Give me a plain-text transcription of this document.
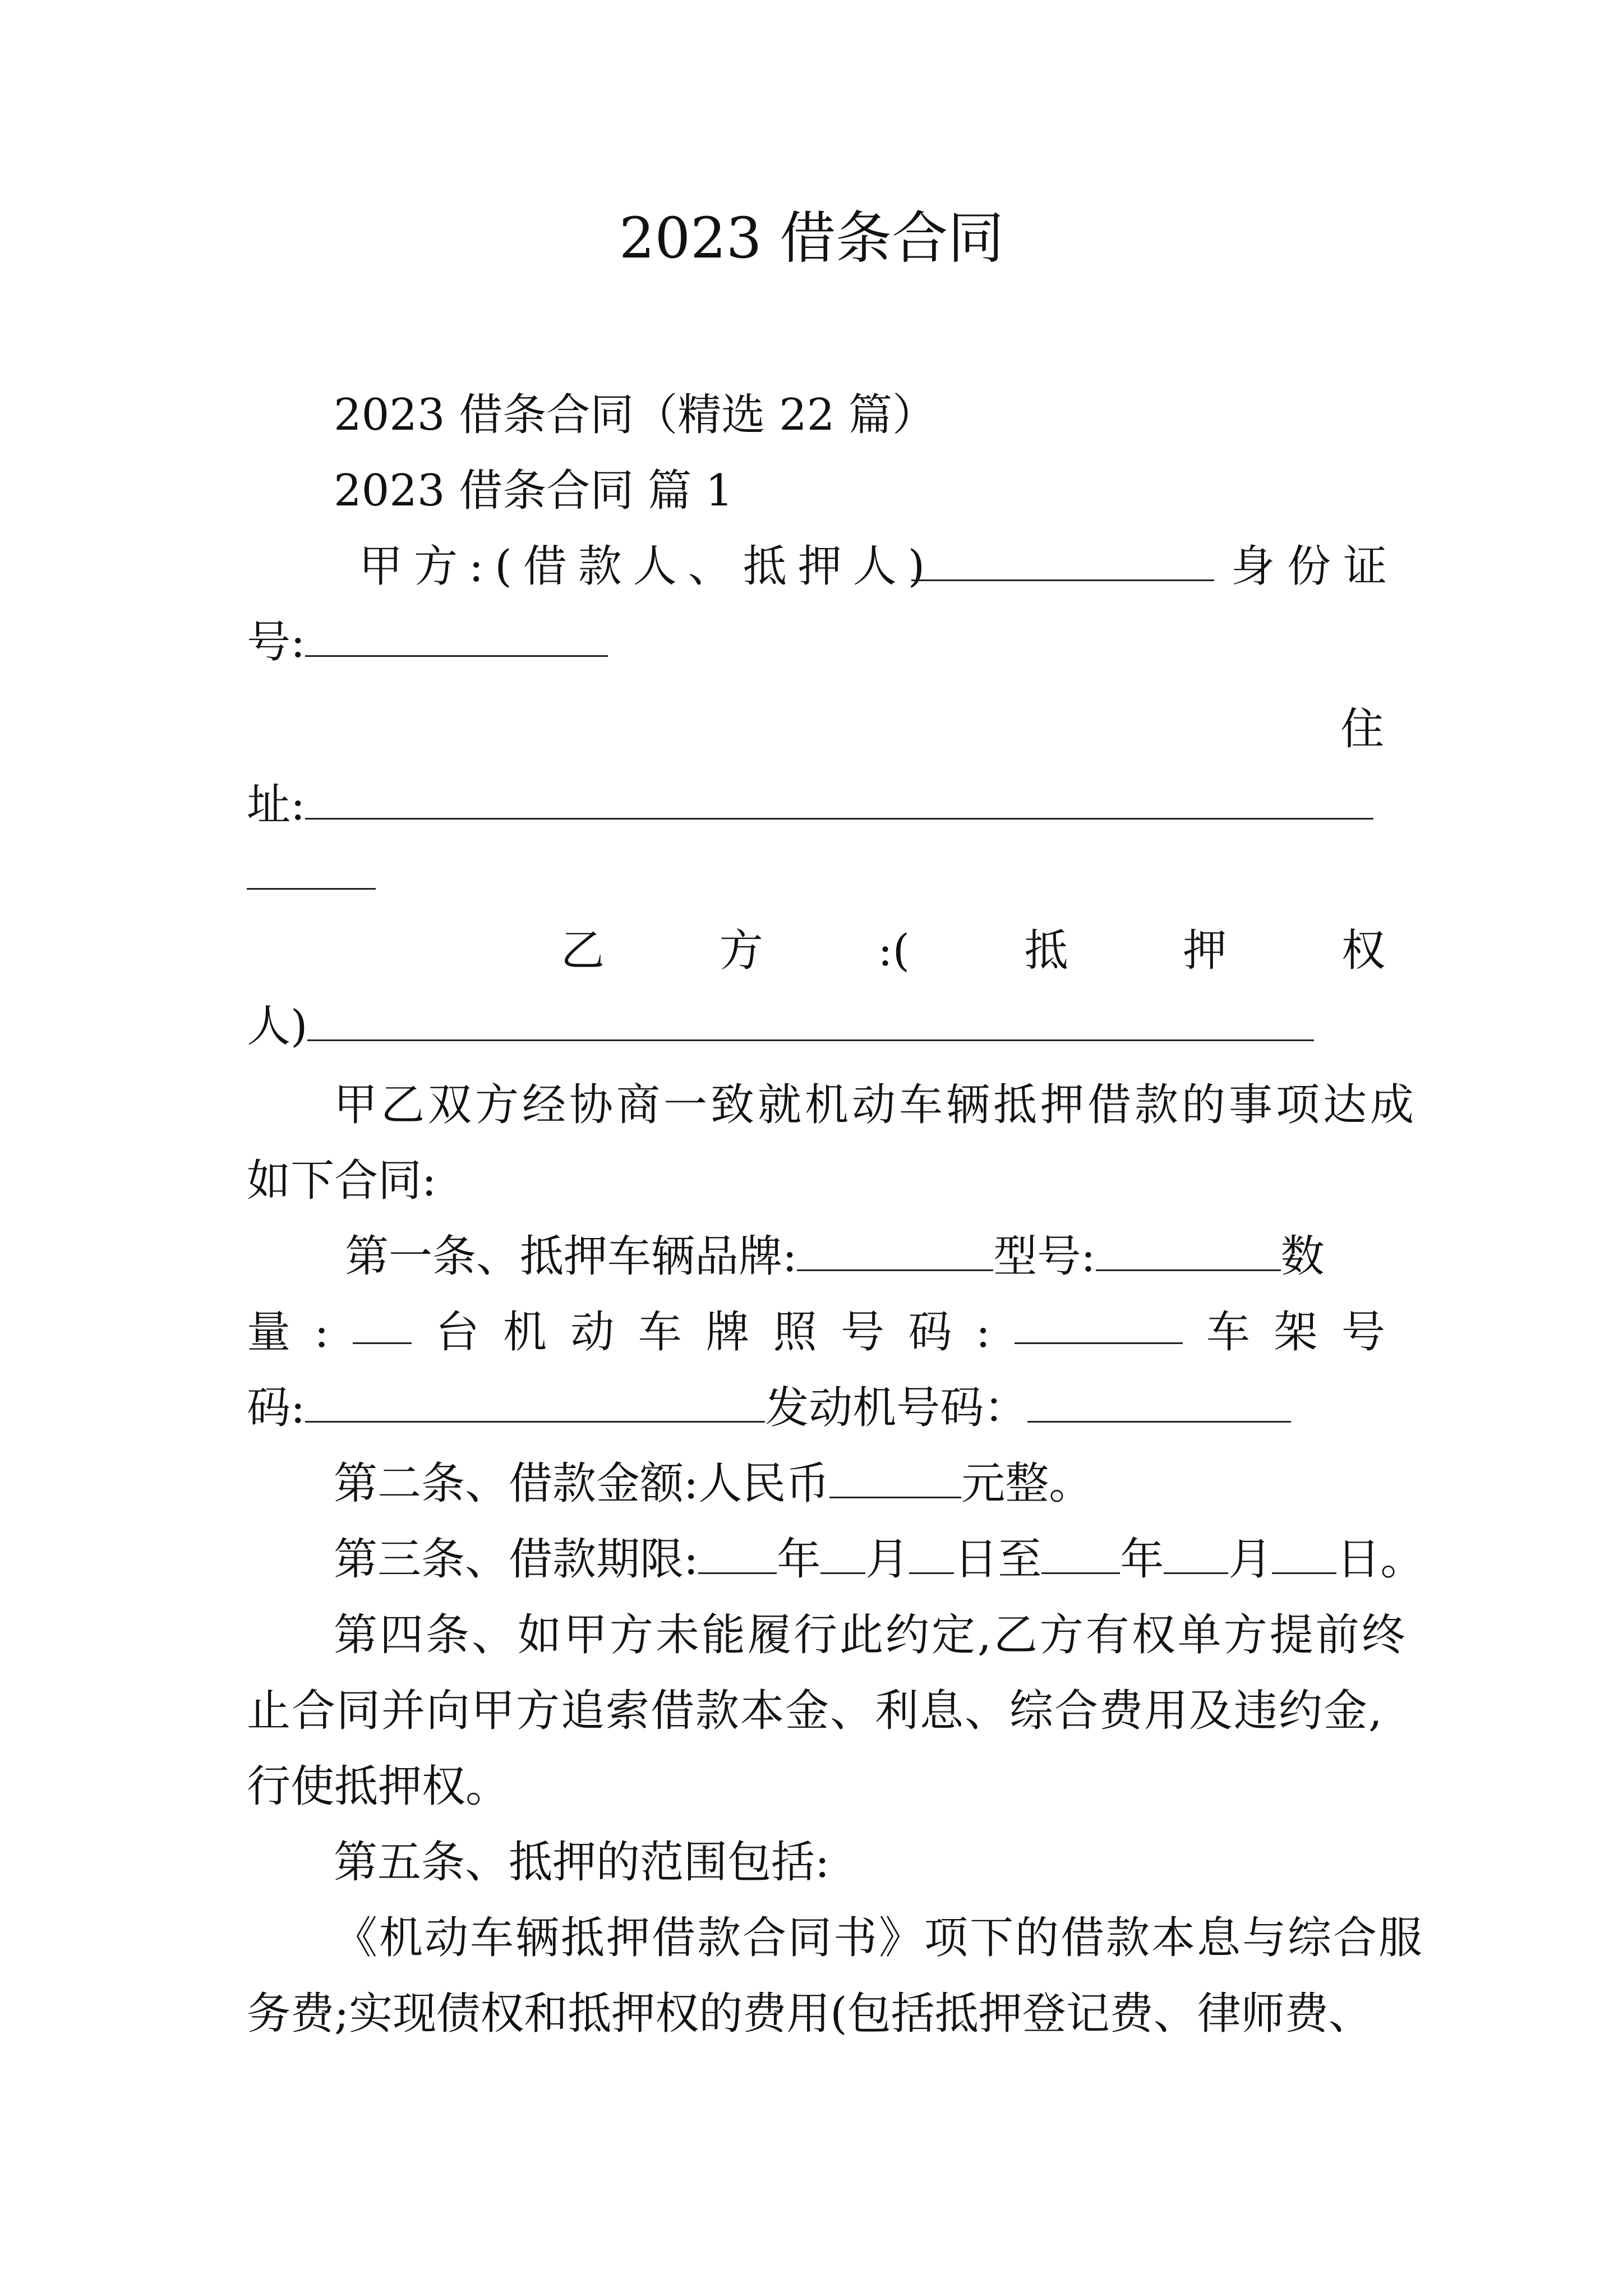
2023 借条合同
2023 借条合同（精选 22 篇）
2023 借条合同 篇 1
甲方:(借款人、抵押人)	身份证
号:
住
址:
乙	方	:(	抵	押	权
人)
甲乙双方经协商一致就机动车辆抵押借款的事项达成
如下合同:
第一条、抵押车辆品牌:	型号:	数
量 : 台 机 动 车 牌 照 号 码 :	车 架 号
码:	发动机号码：
第二条、借款金额:人民币	元整。
第三条、借款期限: 年 月 日至 年 月 日。
第四条、如甲方未能履行此约定,乙方有权单方提前终
止合同并向甲方追索借款本金、利息、综合费用及违约金,
行使抵押权。
第五条、抵押的范围包括:
《机动车辆抵押借款合同书》项下的借款本息与综合服
务费;实现债权和抵押权的费用(包括抵押登记费、律师费、
